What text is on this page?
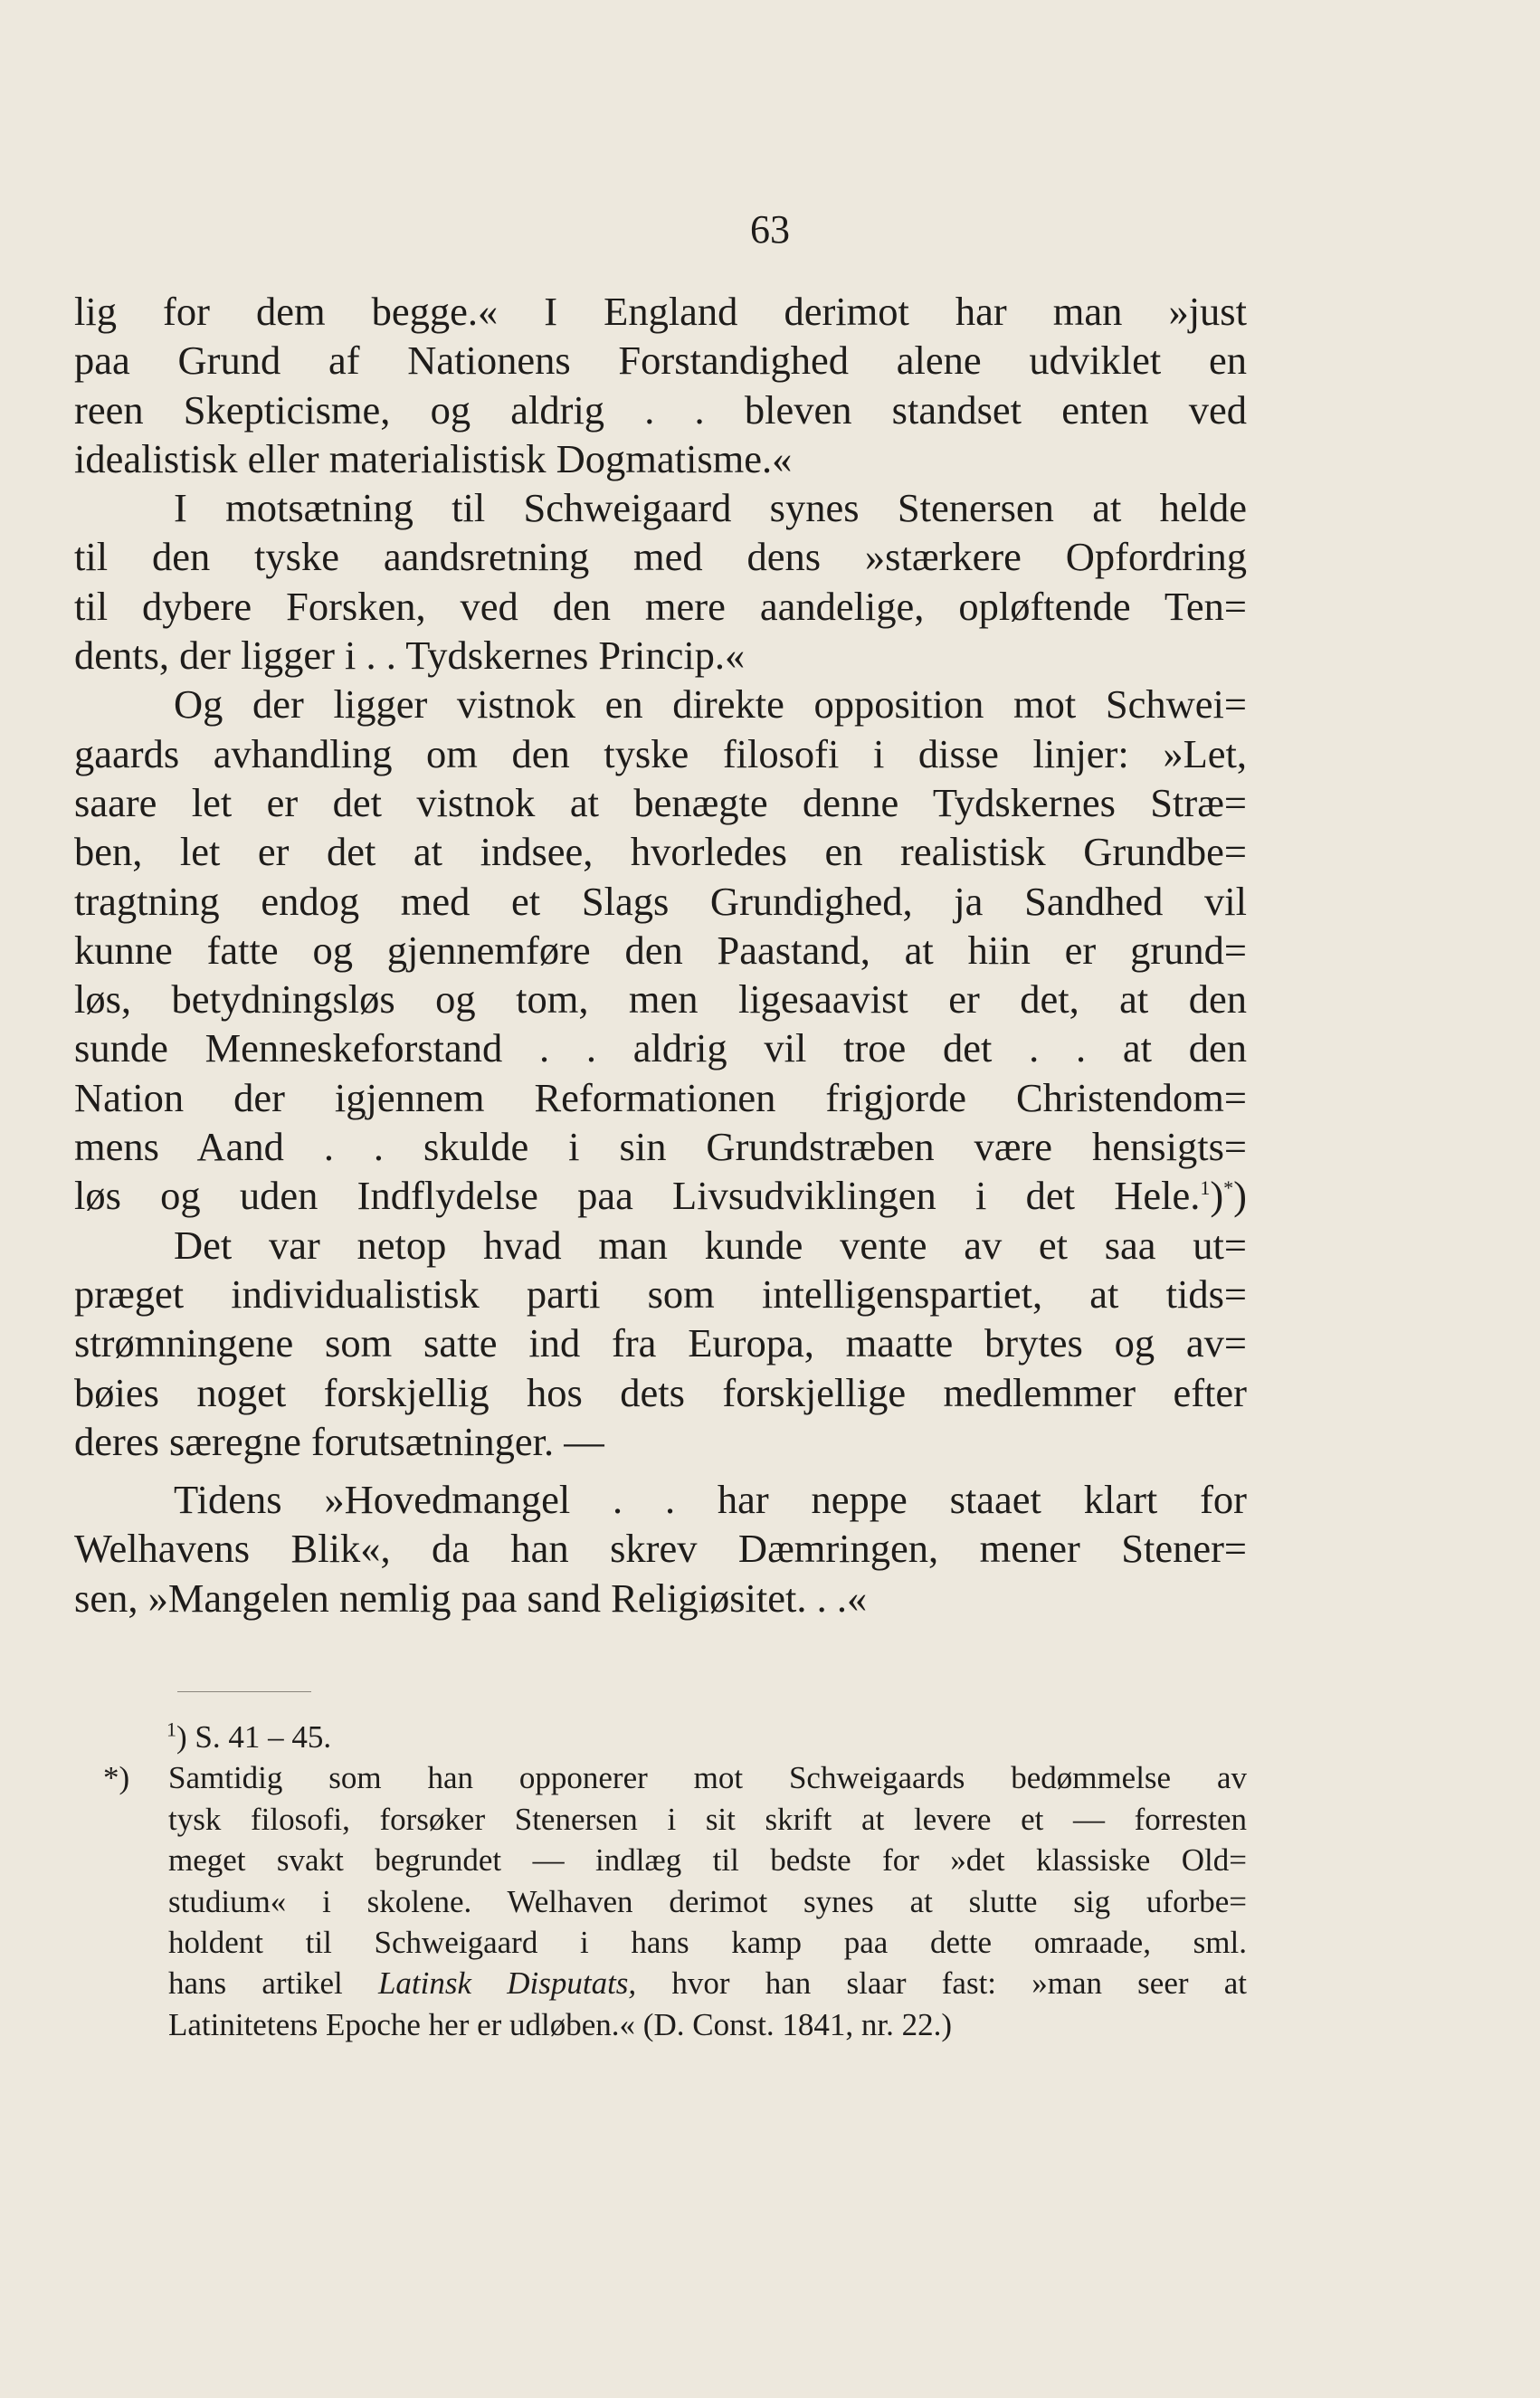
63
lig for dem begge.« I England derimot har man »just
paa Grund af Nationens Forstandighed alene udviklet en
reen Skepticisme, og aldrig . . bleven standset enten ved
idealistisk eller materialistisk Dogmatisme.«
I motsætning til Schweigaard synes Stenersen at helde
til den tyske aandsretning med dens »stærkere Opfordring
til dybere Forsken, ved den mere aandelige, opløftende Ten=
dents, der ligger i . . Tydskernes Princip.«
Og der ligger vistnok en direkte opposition mot Schwei=
gaards avhandling om den tyske filosofi i disse linjer: »Let,
saare let er det vistnok at benægte denne Tydskernes Stræ=
ben, let er det at indsee, hvorledes en realistisk Grundbe=
tragtning endog med et Slags Grundighed, ja Sandhed vil
kunne fatte og gjennemføre den Paastand, at hiin er grund=
løs, betydningsløs og tom, men ligesaavist er det, at den
sunde Menneskeforstand . . aldrig vil troe det . . at den
Nation der igjennem Reformationen frigjorde Christendom=
mens Aand . . skulde i sin Grundstræben være hensigts=
løs og uden Indflydelse paa Livsudviklingen i det Hele.$^1$)*)
Det var netop hvad man kunde vente av et saa ut=
præget individualistisk parti som intelligenspartiet, at tids=
strømningene som satte ind fra Europa, maatte brytes og av=
bøies noget forskjellig hos dets forskjellige medlemmer efter
deres særegne forutsætninger. —
Tidens »Hovedmangel . . har neppe staaet klart for
Welhavens Blik«, da han skrev Dæmringen, mener Stener=
sen, »Mangelen nemlig paa sand Religiøsitet. . .«
$^1$) S. 41 – 45.
*)	Samtidig som han opponerer mot Schweigaards bedømmelse av
tysk filosofi, forsøker Stenersen i sit skrift at levere et — forresten
meget svakt begrundet — indlæg til bedste for »det klassiske Old=
studium« i skolene. Welhaven derimot synes at slutte sig uforbe=
holdent til Schweigaard i hans kamp paa dette omraade, sml.
hans artikel Latinsk Disputats, hvor han slaar fast: »man seer at
Latinitetens Epoche her er udløben.« (D. Const. 1841, nr. 22.)
